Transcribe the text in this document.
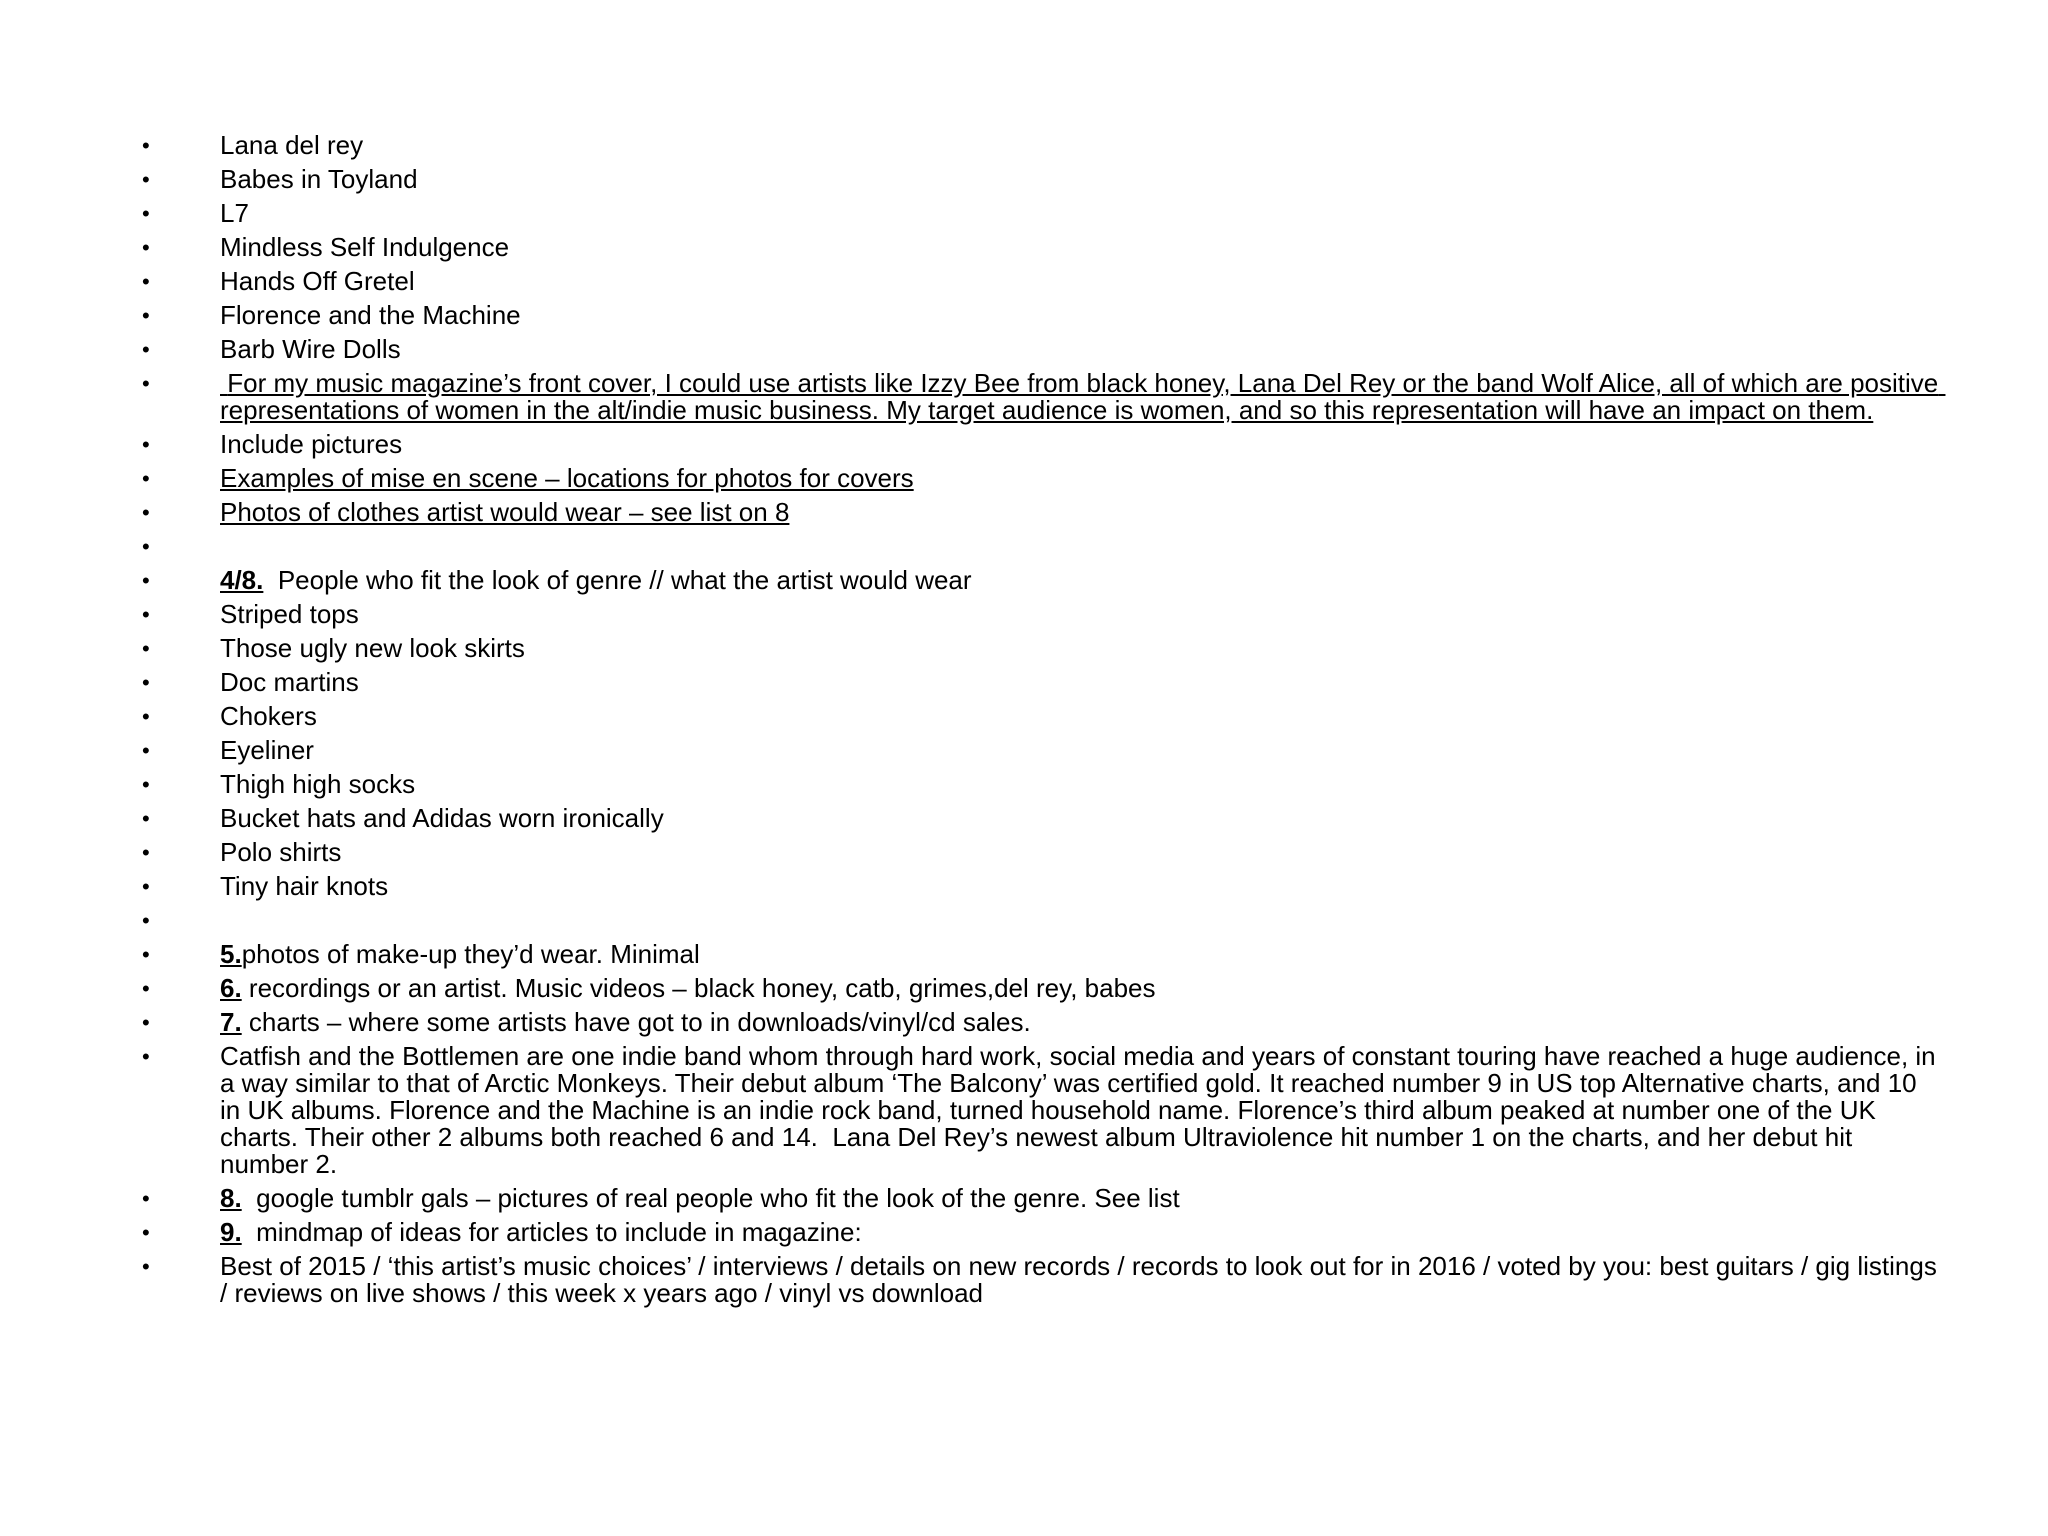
•	Lana del rey
•	Babes in Toyland
•	L7
•	Mindless Self Indulgence
•	Hands Off Gretel
•	Florence and the Machine
•	Barb Wire Dolls
•	For my music magazine’s front cover, I could use artists like Izzy Bee from black honey, Lana Del Rey or the band Wolf Alice, all of which are positive representations of women in the alt/indie music business. My target audience is women, and so this representation will have an impact on them.
•	Include pictures
•	Examples of mise en scene – locations for photos for covers
•	Photos of clothes artist would wear – see list on 8
•
•	4/8.  People who fit the look of genre // what the artist would wear
•	Striped tops
•	Those ugly new look skirts
•	Doc martins
•	Chokers
•	Eyeliner
•	Thigh high socks
•	Bucket hats and Adidas worn ironically
•	Polo shirts
•	Tiny hair knots
•
•	5.photos of make-up they’d wear. Minimal
•	6. recordings or an artist. Music videos – black honey, catb, grimes,del rey, babes
•	7. charts – where some artists have got to in downloads/vinyl/cd sales.
•	Catfish and the Bottlemen are one indie band whom through hard work, social media and years of constant touring have reached a huge audience, in a way similar to that of Arctic Monkeys. Their debut album ‘The Balcony’ was certified gold. It reached number 9 in US top Alternative charts, and 10 in UK albums. Florence and the Machine is an indie rock band, turned household name. Florence’s third album peaked at number one of the UK charts. Their other 2 albums both reached 6 and 14.  Lana Del Rey’s newest album Ultraviolence hit number 1 on the charts, and her debut hit number 2.
•	8.  google tumblr gals – pictures of real people who fit the look of the genre. See list
•	9.  mindmap of ideas for articles to include in magazine:
•	Best of 2015 / ‘this artist’s music choices’ / interviews / details on new records / records to look out for in 2016 / voted by you: best guitars / gig listings / reviews on live shows / this week x years ago / vinyl vs download
